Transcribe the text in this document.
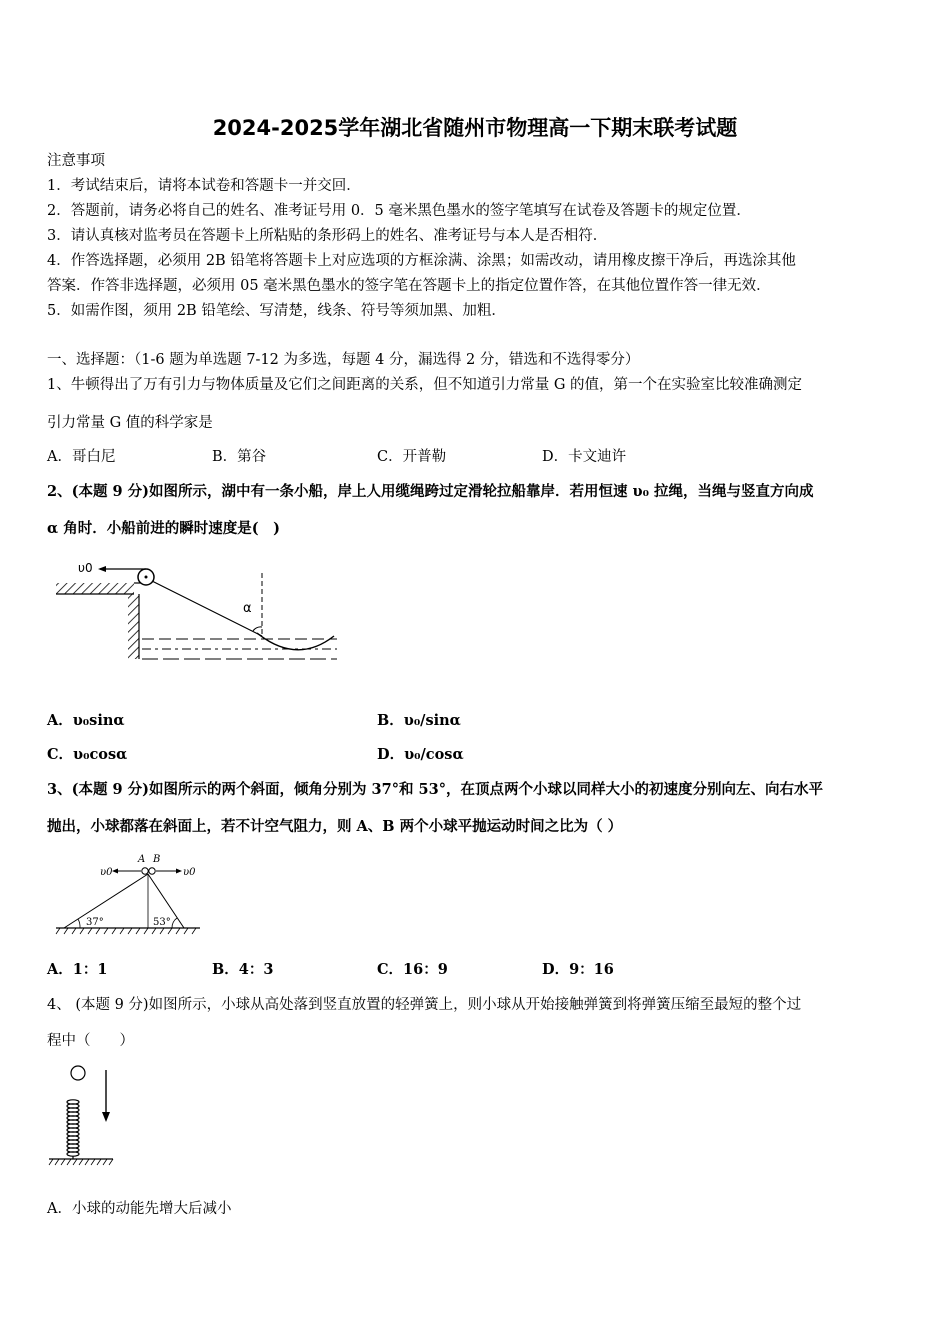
2024-2025学年湖北省随州市物理高一下期末联考试题
注意事项
1．考试结束后，请将本试卷和答题卡一并交回．
2．答题前，请务必将自己的姓名、准考证号用 0．5 毫米黑色墨水的签字笔填写在试卷及答题卡的规定位置．
3．请认真核对监考员在答题卡上所粘贴的条形码上的姓名、准考证号与本人是否相符．
4．作答选择题，必须用 2B 铅笔将答题卡上对应选项的方框涂满、涂黑；如需改动，请用橡皮擦干净后，再选涂其他
答案．作答非选择题，必须用 05 毫米黑色墨水的签字笔在答题卡上的指定位置作答，在其他位置作答一律无效．
5．如需作图，须用 2B 铅笔绘、写清楚，线条、符号等须加黑、加粗．
一、选择题：（1-6 题为单选题 7-12 为多选，每题 4 分，漏选得 2 分，错选和不选得零分）
1、牛顿得出了万有引力与物体质量及它们之间距离的关系，但不知道引力常量 G 的值，第一个在实验室比较准确测定
引力常量 G 值的科学家是
A．哥白尼	B．第谷	C．开普勒	D．卡文迪许
2、(本题 9 分)如图所示，湖中有一条小船，岸上人用缆绳跨过定滑轮拉船靠岸．若用恒速 υ₀ 拉绳，当绳与竖直方向成
α 角时．小船前进的瞬时速度是(　)
υ0
α
A．υ₀sinα	B．υ₀/sinα
C．υ₀cosα	D．υ₀/cosα
3、(本题 9 分)如图所示的两个斜面，倾角分别为 37°和 53°，在顶点两个小球以同样大小的初速度分别向左、向右水平
抛出，小球都落在斜面上，若不计空气阻力，则 A、B 两个小球平抛运动时间之比为（ ）
A B
υ0	υ0
37°	53°
A．1：1	B．4：3	C．16：9	D．9：16
4、 (本题 9 分)如图所示，小球从高处落到竖直放置的轻弹簧上，则小球从开始接触弹簧到将弹簧压缩至最短的整个过
程中（　　）
A．小球的动能先增大后减小
